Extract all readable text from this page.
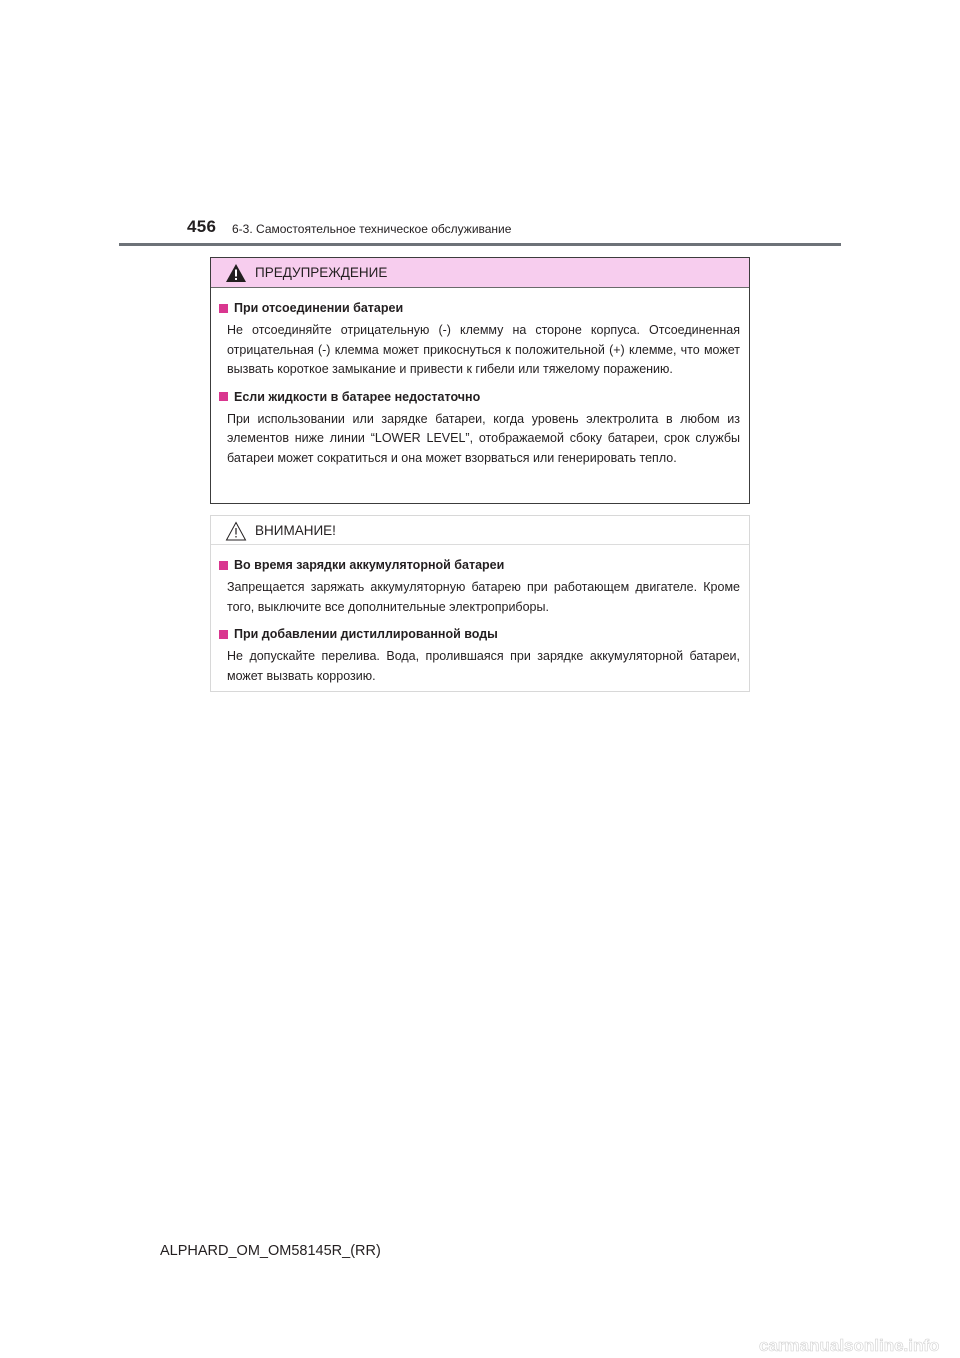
456 6-3. Самостоятельное техническое обслуживание
ПРЕДУПРЕЖДЕНИЕ
При отсоединении батареи
Не отсоединяйте отрицательную (-) клемму на стороне корпуса. Отсоединенная отрицательная (-) клемма может прикоснуться к положительной (+) клемме, что может вызвать короткое замыкание и привести к гибели или тяжелому поражению.
Если жидкости в батарее недостаточно
При использовании или зарядке батареи, когда уровень электролита в любом из элементов ниже линии “LOWER LEVEL”, отображаемой сбоку батареи, срок службы батареи может сократиться и она может взорваться или генерировать тепло.
ВНИМАНИЕ!
Во время зарядки аккумуляторной батареи
Запрещается заряжать аккумуляторную батарею при работающем двигателе. Кроме того, выключите все дополнительные электроприборы.
При добавлении дистиллированной воды
Не допускайте перелива. Вода, пролившаяся при зарядке аккумуляторной батареи, может вызвать коррозию.
ALPHARD_OM_OM58145R_(RR)
carmanualsonline.info
